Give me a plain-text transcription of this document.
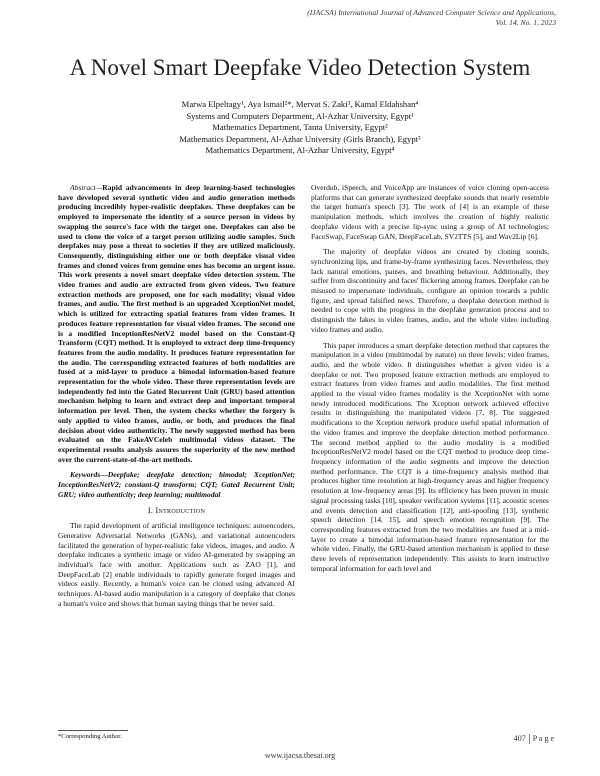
(IJACSA) International Journal of Advanced Computer Science and Applications,
Vol. 14, No. 1, 2023
A Novel Smart Deepfake Video Detection System
Marwa Elpeltagy¹, Aya Ismail²*, Mervat S. Zaki³, Kamal Eldahshan⁴
Systems and Computers Department, Al-Azhar University, Egypt¹
Mathematics Department, Tanta University, Egypt²
Mathematics Department, Al-Azhar University (Girls Branch), Egypt³
Mathematics Department, Al-Azhar University, Egypt⁴

Abstract—Rapid advancements in deep learning-based technologies have developed several synthetic video and audio generation methods producing incredibly hyper-realistic deepfakes. These deepfakes can be employed to impersonate the identity of a source person in videos by swapping the source's face with the target one. Deepfakes can also be used to clone the voice of a target person utilizing audio samples. Such deepfakes may pose a threat to societies if they are utilized maliciously. Consequently, distinguishing either one or both deepfake visual video frames and cloned voices from genuine ones has become an urgent issue. This work presents a novel smart deepfake video detection system. The video frames and audio are extracted from given videos. Two feature extraction methods are proposed, one for each modality; visual video frames, and audio. The first method is an upgraded XceptionNet model, which is utilized for extracting spatial features from video frames. It produces feature representation for visual video frames. The second one is a modified InceptionResNetV2 model based on the Constant-Q Transform (CQT) method. It is employed to extract deep time-frequency features from the audio modality. It produces feature representation for the audio. The corresponding extracted features of both modalities are fused at a mid-layer to produce a bimodal information-based feature representation for the whole video. These three representation levels are independently fed into the Gated Recurrent Unit (GRU) based attention mechanism helping to learn and extract deep and important temporal information per level. Then, the system checks whether the forgery is only applied to video frames, audio, or both, and produces the final decision about video authenticity. The newly suggested method has been evaluated on the FakeAVCeleb multimodal videos dataset. The experimental results analysis assures the superiority of the new method over the current-state-of-the-art methods.

Keywords—Deepfake; deepfake detection; bimodal; XceptionNet; InceptionResNetV2; constant-Q transform; CQT; Gated Recurrent Unit; GRU; video authenticity; deep learning; multimodal

I. Introduction

The rapid development of artificial intelligence techniques: autoencoders, Generative Adversarial Networks (GANs), and variational autoencoders facilitated the generation of hyper-realistic fake videos, images, and audio. A deepfake indicates a synthetic image or video AI-generated by swapping an individual's face with another. Applications such as ZAO [1], and DeepFaceLab [2] enable individuals to rapidly generate forged images and videos easily. Recently, a human's voice can be cloned using advanced AI techniques. AI-based audio manipulation is a category of deepfake that clones a human's voice and shows that human saying things that he never said.

Overdub, iSpeech, and VoiceApp are instances of voice cloning open-access platforms that can generate synthesized deepfake sounds that nearly resemble the target human's speech [3]. The work of [4] is an example of these manipulation methods, which involves the creation of highly realistic deepfake videos with a precise lip-sync using a group of AI technologies; FaceSwap, FaceSwap GAN, DeepFaceLab, SV2TTS [5], and Wav2Lip [6].

The majority of deepfake videos are created by cloning sounds, synchronizing lips, and frame-by-frame synthesizing faces. Nevertheless, they lack natural emotions, pauses, and breathing behaviour. Additionally, they suffer from discontinuity and faces' flickering among frames. Deepfake can be misused to impersonate individuals, configure an opinion towards a public figure, and spread falsified news. Therefore, a deepfake detection method is needed to cope with the progress in the deepfake generation process and to distinguish the fakes in video frames, audio, and the whole video including video frames and audio.

This paper introduces a smart deepfake detection method that captures the manipulation in a video (multimodal by nature) on three levels; video frames, audio, and the whole video. It distinguishes whether a given video is a deepfake or not. Two proposed feature extraction methods are employed to extract features from video frames and audio modalities. The first method applied to the visual video frames modality is the XceptionNet with some newly introduced modifications. The Xception network achieved effective results in distinguishing the manipulated videos [7, 8]. The suggested modifications to the Xception network produce useful spatial information of the video frames and improve the deepfake detection method performance. The second method applied to the audio modality is a modified InceptionResNetV2 model based on the CQT method to produce deep time-frequency information of the audio segments and improve the detection method performance. The CQT is a time-frequency analysis method that produces higher time resolution at high-frequency areas and higher frequency resolution at low-frequency areas [9]. Its efficiency has been proven in music signal processing tasks [10], speaker verification systems [11], acoustic scenes and events detection and classification [12], anti-spoofing [13], synthetic speech detection [14, 15], and speech emotion recognition [9]. The corresponding features extracted from the two modalities are fused at a mid-layer to create a bimodal information-based feature representation for the whole video. Finally, the GRU-based attention mechanism is applied to these three levels of representation independently. This assists to learn instructive temporal information for each level and

*Corresponding Author.	407 P a g e
www.ijacsa.thesai.org
